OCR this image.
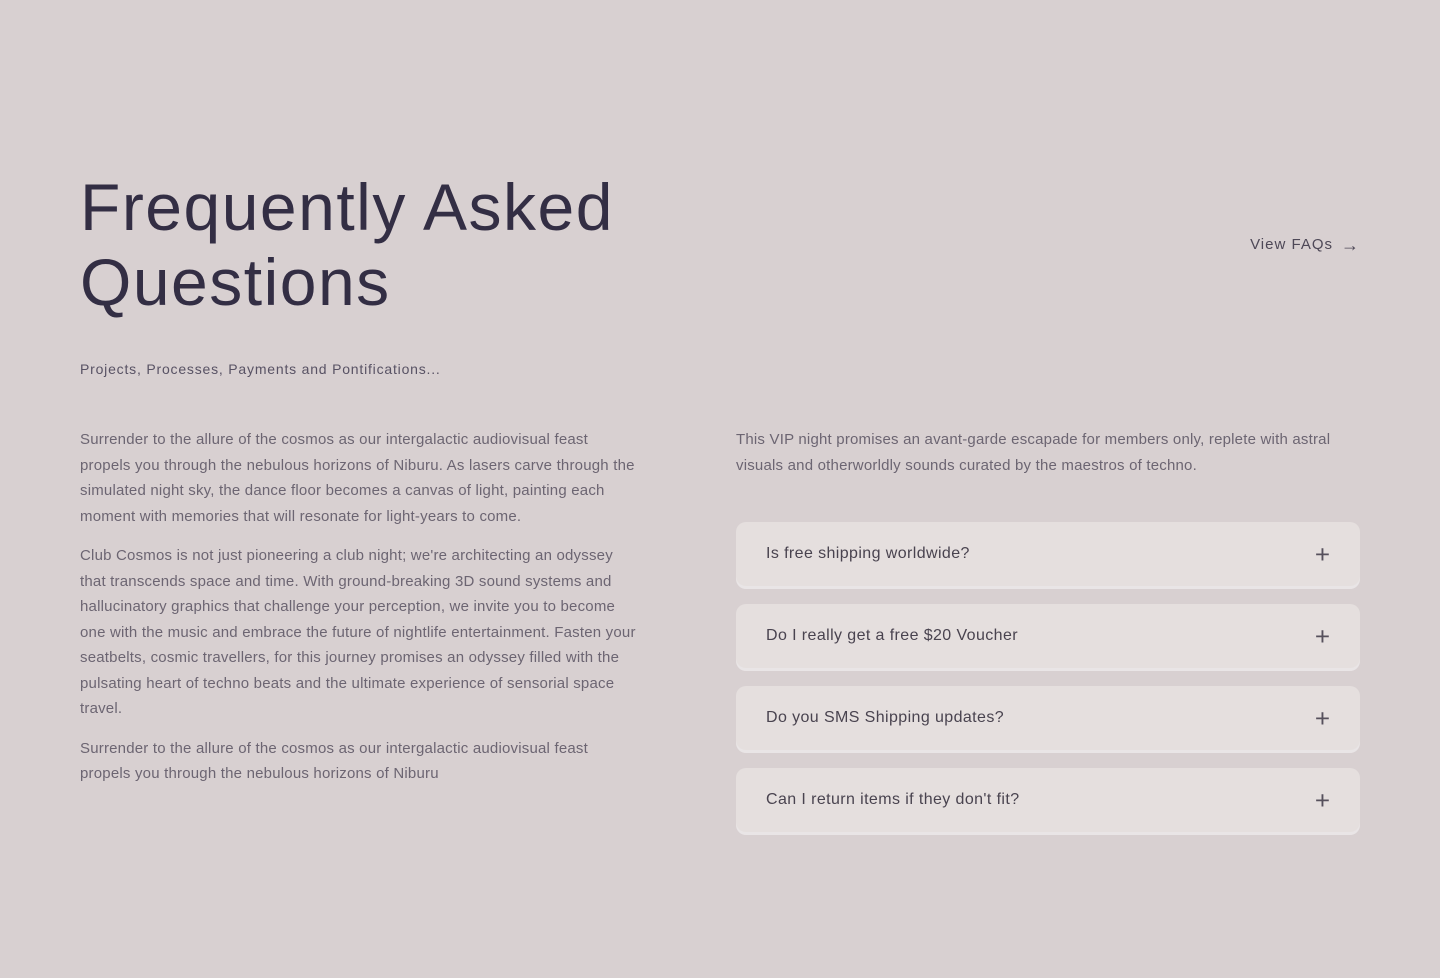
Frequently Asked Questions	View FAQs →

Projects, Processes, Payments and Pontifications...

Surrender to the allure of the cosmos as our intergalactic audiovisual feast propels you through the nebulous horizons of Niburu. As lasers carve through the simulated night sky, the dance floor becomes a canvas of light, painting each moment with memories that will resonate for light-years to come.

Club Cosmos is not just pioneering a club night; we're architecting an odyssey that transcends space and time. With ground-breaking 3D sound systems and hallucinatory graphics that challenge your perception, we invite you to become one with the music and embrace the future of nightlife entertainment. Fasten your seatbelts, cosmic travellers, for this journey promises an odyssey filled with the pulsating heart of techno beats and the ultimate experience of sensorial space travel.

Surrender to the allure of the cosmos as our intergalactic audiovisual feast propels you through the nebulous horizons of Niburu

This VIP night promises an avant-garde escapade for members only, replete with astral visuals and otherworldly sounds curated by the maestros of techno.

Is free shipping worldwide?	+
Do I really get a free $20 Voucher	+
Do you SMS Shipping updates?	+
Can I return items if they don't fit?	+
